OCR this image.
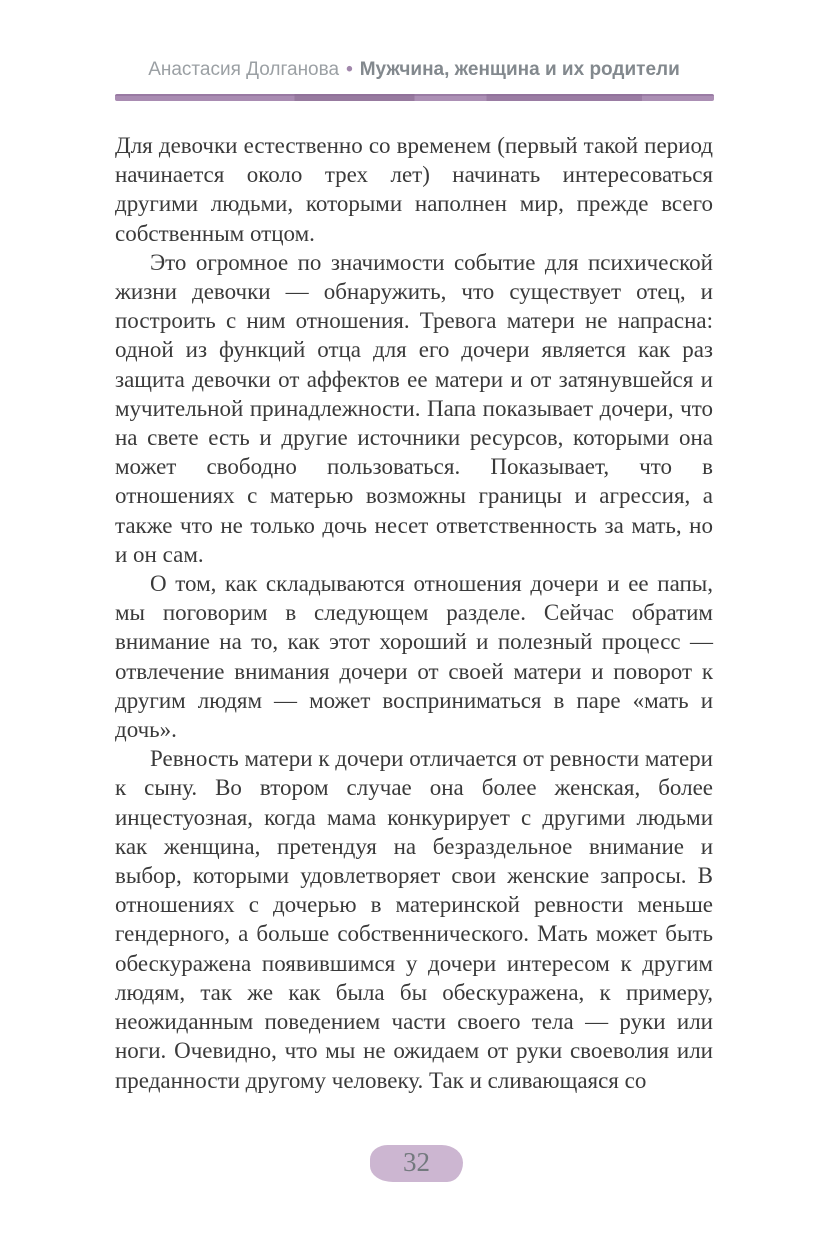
Анастасия Долганова • Мужчина, женщина и их родители

Для девочки естественно со временем (первый такой период начинается около трех лет) начинать интересоваться другими людьми, которыми наполнен мир, прежде всего собственным отцом.

Это огромное по значимости событие для психической жизни девочки — обнаружить, что существует отец, и построить с ним отношения. Тревога матери не напрасна: одной из функций отца для его дочери является как раз защита девочки от аффектов ее матери и от затянувшейся и мучительной принадлежности. Папа показывает дочери, что на свете есть и другие источники ресурсов, которыми она может свободно пользоваться. Показывает, что в отношениях с матерью возможны границы и агрессия, а также что не только дочь несет ответственность за мать, но и он сам.

О том, как складываются отношения дочери и ее папы, мы поговорим в следующем разделе. Сейчас обратим внимание на то, как этот хороший и полезный процесс — отвлечение внимания дочери от своей матери и поворот к другим людям — может восприниматься в паре «мать и дочь».

Ревность матери к дочери отличается от ревности матери к сыну. Во втором случае она более женская, более инцестуозная, когда мама конкурирует с другими людьми как женщина, претендуя на безраздельное внимание и выбор, которыми удовлетворяет свои женские запросы. В отношениях с дочерью в материнской ревности меньше гендерного, а больше собственнического. Мать может быть обескуражена появившимся у дочери интересом к другим людям, так же как была бы обескуражена, к примеру, неожиданным поведением части своего тела — руки или ноги. Очевидно, что мы не ожидаем от руки своеволия или преданности другому человеку. Так и сливающаяся со

32
